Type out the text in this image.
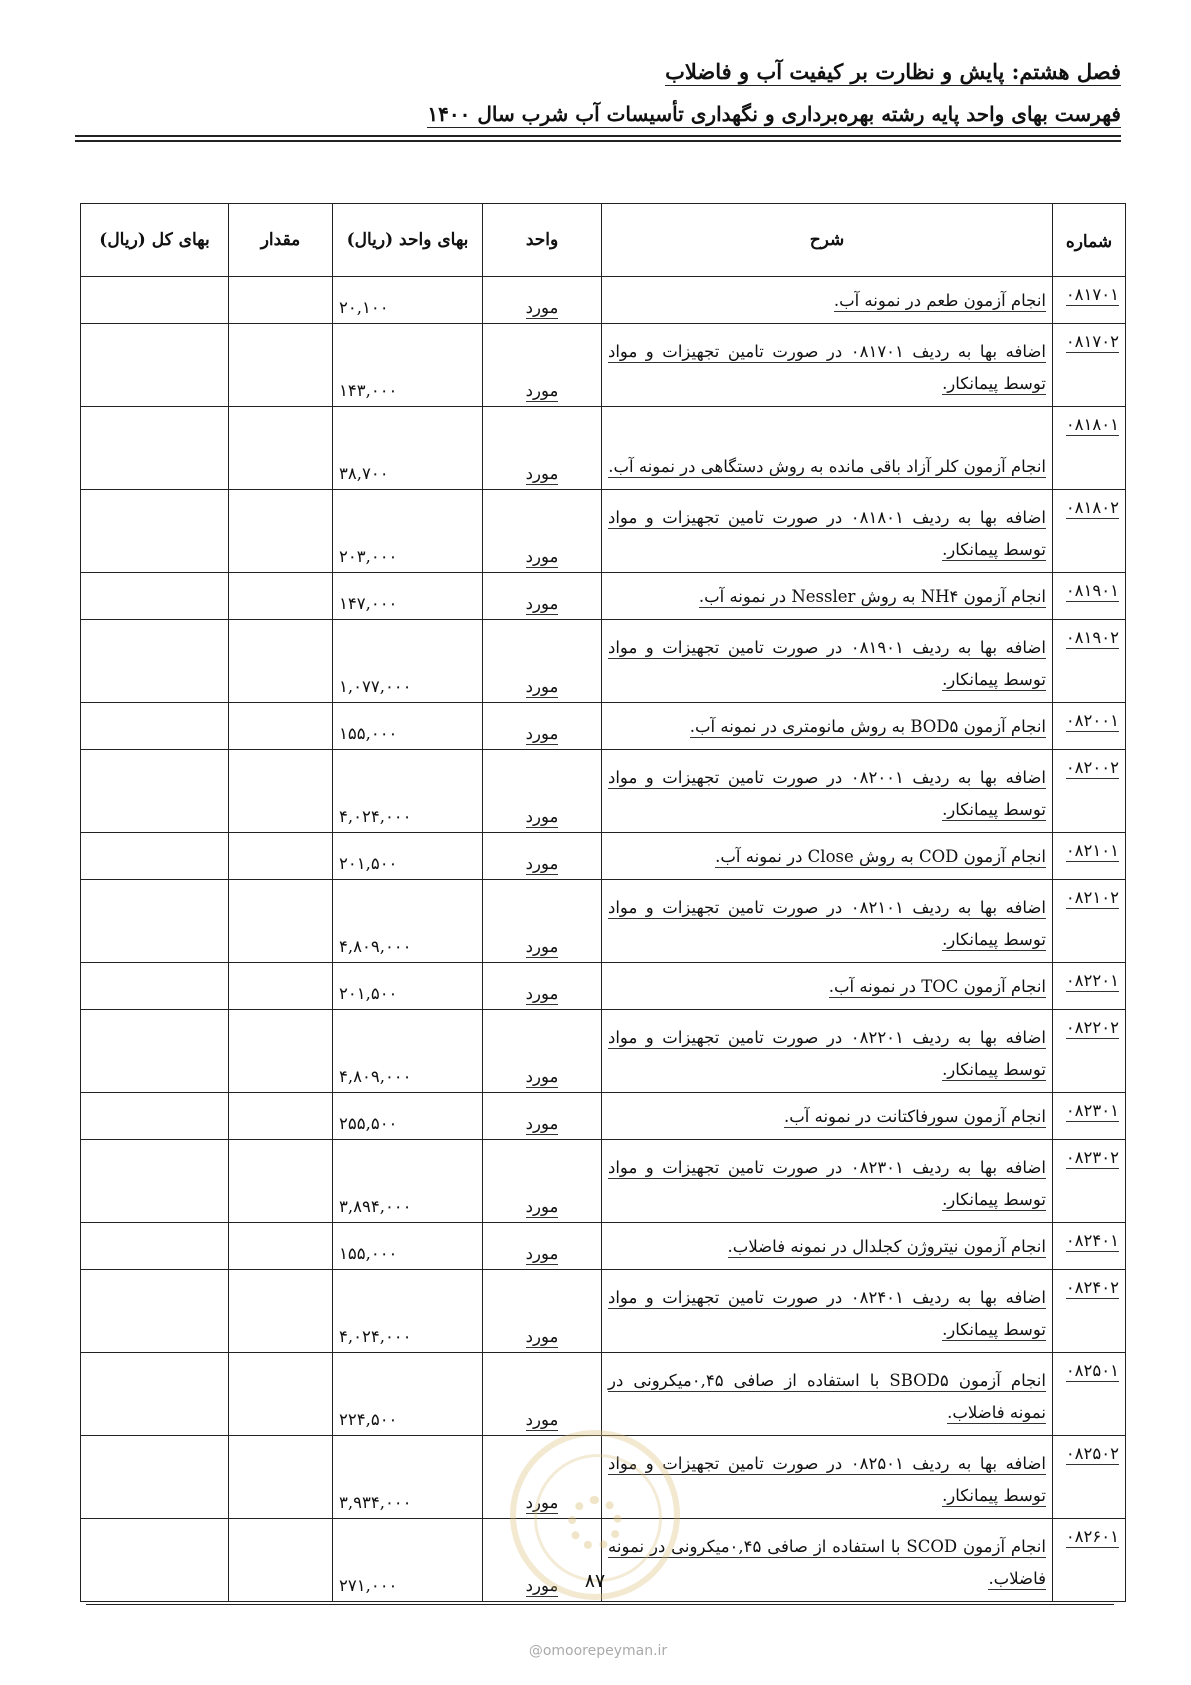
فصل هشتم: پایش و نظارت بر کیفیت آب و فاضلاب
فهرست بهای واحد پایه رشته بهره‌برداری و نگهداری تأسیسات آب شرب سال ۱۴۰۰
شماره	شرح	واحد	بهای واحد (ریال)	مقدار	بهای کل (ریال)
۰۸۱۷۰۱	انجام آزمون طعم در نمونه آب.	مورد	۲۰,۱۰۰		
۰۸۱۷۰۲	اضافه بها به ردیف ۰۸۱۷۰۱ در صورت تامین تجهیزات و مواد توسط پیمانکار.	مورد	۱۴۳,۰۰۰		
۰۸۱۸۰۱	انجام آزمون کلر آزاد باقی مانده به روش دستگاهی در نمونه آب.	مورد	۳۸,۷۰۰		
۰۸۱۸۰۲	اضافه بها به ردیف ۰۸۱۸۰۱ در صورت تامین تجهیزات و مواد توسط پیمانکار.	مورد	۲۰۳,۰۰۰		
۰۸۱۹۰۱	انجام آزمون NH۴ به روش Nessler در نمونه آب.	مورد	۱۴۷,۰۰۰		
۰۸۱۹۰۲	اضافه بها به ردیف ۰۸۱۹۰۱ در صورت تامین تجهیزات و مواد توسط پیمانکار.	مورد	۱,۰۷۷,۰۰۰		
۰۸۲۰۰۱	انجام آزمون BOD۵ به روش مانومتری در نمونه آب.	مورد	۱۵۵,۰۰۰		
۰۸۲۰۰۲	اضافه بها به ردیف ۰۸۲۰۰۱ در صورت تامین تجهیزات و مواد توسط پیمانکار.	مورد	۴,۰۲۴,۰۰۰		
۰۸۲۱۰۱	انجام آزمون COD به روش Close در نمونه آب.	مورد	۲۰۱,۵۰۰		
۰۸۲۱۰۲	اضافه بها به ردیف ۰۸۲۱۰۱ در صورت تامین تجهیزات و مواد توسط پیمانکار.	مورد	۴,۸۰۹,۰۰۰		
۰۸۲۲۰۱	انجام آزمون TOC در نمونه آب.	مورد	۲۰۱,۵۰۰		
۰۸۲۲۰۲	اضافه بها به ردیف ۰۸۲۲۰۱ در صورت تامین تجهیزات و مواد توسط پیمانکار.	مورد	۴,۸۰۹,۰۰۰		
۰۸۲۳۰۱	انجام آزمون سورفاکتانت در نمونه آب.	مورد	۲۵۵,۵۰۰		
۰۸۲۳۰۲	اضافه بها به ردیف ۰۸۲۳۰۱ در صورت تامین تجهیزات و مواد توسط پیمانکار.	مورد	۳,۸۹۴,۰۰۰		
۰۸۲۴۰۱	انجام آزمون نیتروژن کجلدال در نمونه فاضلاب.	مورد	۱۵۵,۰۰۰		
۰۸۲۴۰۲	اضافه بها به ردیف ۰۸۲۴۰۱ در صورت تامین تجهیزات و مواد توسط پیمانکار.	مورد	۴,۰۲۴,۰۰۰		
۰۸۲۵۰۱	انجام آزمون SBOD۵ با استفاده از صافی ۰,۴۵میکرونی در نمونه فاضلاب.	مورد	۲۲۴,۵۰۰		
۰۸۲۵۰۲	اضافه بها به ردیف ۰۸۲۵۰۱ در صورت تامین تجهیزات و مواد توسط پیمانکار.	مورد	۳,۹۳۴,۰۰۰		
۰۸۲۶۰۱	انجام آزمون SCOD با استفاده از صافی ۰,۴۵میکرونی در نمونه فاضلاب.	مورد	۲۷۱,۰۰۰			۸۷
@omoorepeyman.ir
